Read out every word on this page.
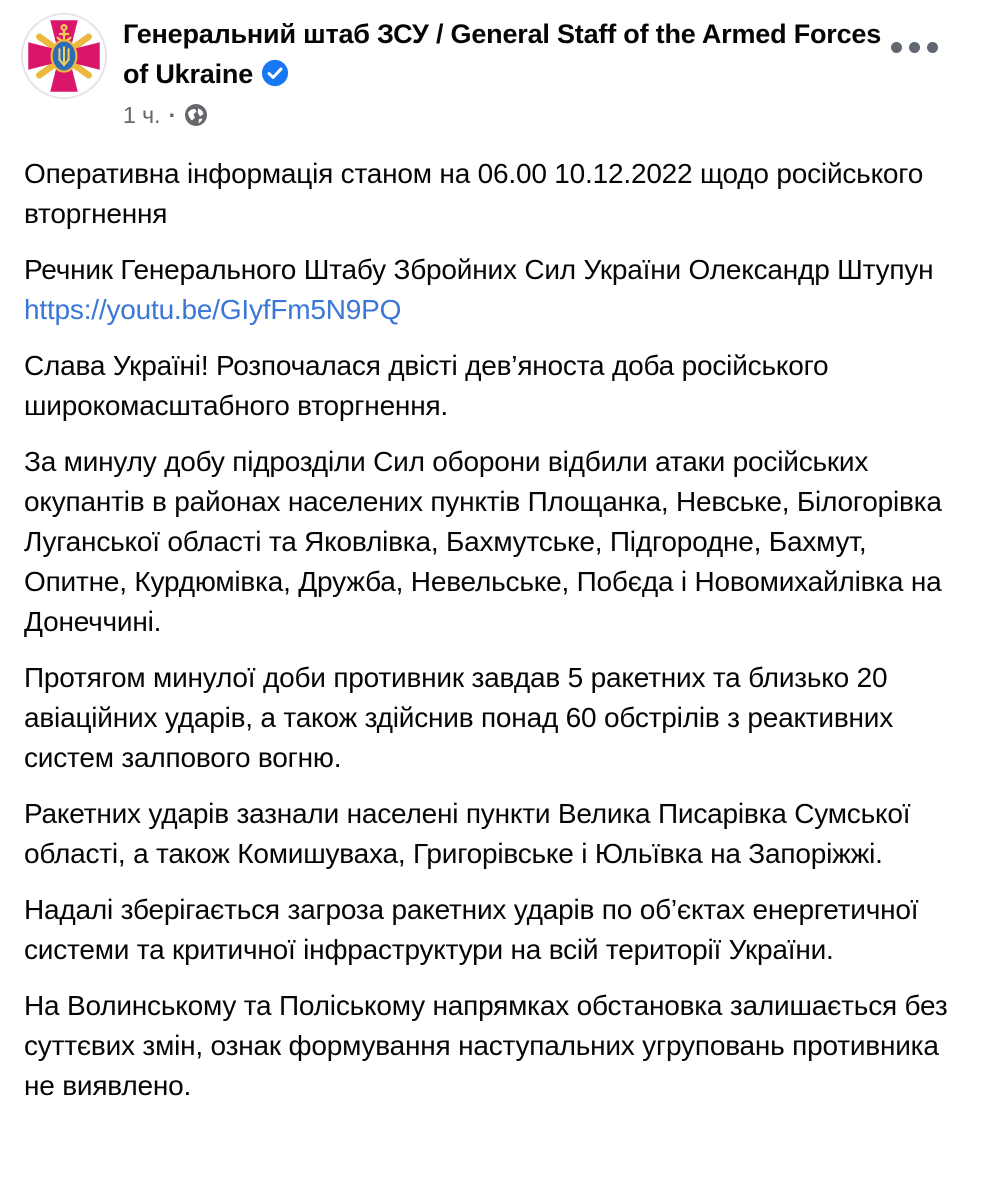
Генеральний штаб ЗСУ / General Staff of the Armed Forces of Ukraine
1 ч. ·

Оперативна інформація станом на 06.00 10.12.2022 щодо російського вторгнення

Речник Генерального Штабу Збройних Сил України Олександр Штупун https://youtu.be/GIyfFm5N9PQ

Слава Україні! Розпочалася двісті дев’яноста доба російського широкомасштабного вторгнення.

За минулу добу підрозділи Сил оборони відбили атаки російських окупантів в районах населених пунктів Площанка, Невське, Білогорівка Луганської області та Яковлівка, Бахмутське, Підгородне, Бахмут, Опитне, Курдюмівка, Дружба, Невельське, Побєда і Новомихайлівка на Донеччині.

Протягом минулої доби противник завдав 5 ракетних та близько 20 авіаційних ударів, а також здійснив понад 60 обстрілів з реактивних систем залпового вогню.

Ракетних ударів зазнали населені пункти Велика Писарівка Сумської області, а також Комишуваха, Григорівське і Юльївка на Запоріжжі.

Надалі зберігається загроза ракетних ударів по об’єктах енергетичної системи та критичної інфраструктури на всій території України.

На Волинському та Поліському напрямках обстановка залишається без суттєвих змін, ознак формування наступальних угруповань противника не виявлено.
